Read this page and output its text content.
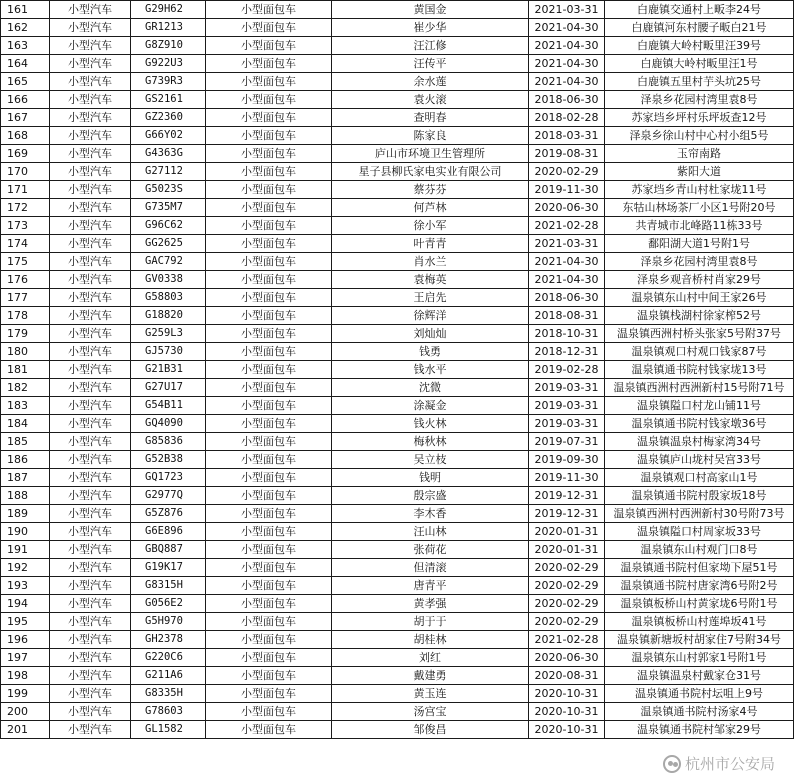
161	小型汽车	G29H62	小型面包车	黄国金	2021-03-31	白鹿镇交通村上畈李24号
162	小型汽车	GR1213	小型面包车	崔少华	2021-04-30	白鹿镇河东村腰子畈白21号
163	小型汽车	G8Z910	小型面包车	汪江修	2021-04-30	白鹿镇大岭村畈里汪39号
164	小型汽车	G922U3	小型面包车	汪传平	2021-04-30	白鹿镇大岭村畈里汪1号
165	小型汽车	G739R3	小型面包车	余水莲	2021-04-30	白鹿镇五里村芋头坑25号
166	小型汽车	GS2161	小型面包车	袁火滚	2018-06-30	泽泉乡花园村湾里袁8号
167	小型汽车	GZ2360	小型面包车	查明春	2018-02-28	苏家垱乡坪村乐坪坂查12号
168	小型汽车	G66Y02	小型面包车	陈家良	2018-03-31	泽泉乡徐山村中心村小组5号
169	小型汽车	G4363G	小型面包车	庐山市环境卫生管理所	2019-08-31	玉帘南路
170	小型汽车	G27112	小型面包车	星子县柳氏家电实业有限公司	2020-02-29	紫阳大道
171	小型汽车	G5023S	小型面包车	蔡芬芬	2019-11-30	苏家垱乡青山村杜家垅11号
172	小型汽车	G735M7	小型面包车	何芦林	2020-06-30	东牯山林场茶厂小区1号附20号
173	小型汽车	G96C62	小型面包车	徐小军	2021-02-28	共青城市北峰路11栋33号
174	小型汽车	GG2625	小型面包车	叶青青	2021-03-31	鄱阳湖大道1号附1号
175	小型汽车	GAC792	小型面包车	肖水兰	2021-04-30	泽泉乡花园村湾里袁8号
176	小型汽车	GV0338	小型面包车	袁梅英	2021-04-30	泽泉乡观音桥村肖家29号
177	小型汽车	G58803	小型面包车	王启先	2018-06-30	温泉镇东山村中间王家26号
178	小型汽车	G18820	小型面包车	徐辉洋	2018-08-31	温泉镇栈湖村徐家榨52号
179	小型汽车	G259L3	小型面包车	刘灿灿	2018-10-31	温泉镇西洲村桥头张家5号附37号
180	小型汽车	GJ5730	小型面包车	钱勇	2018-12-31	温泉镇观口村观口钱家87号
181	小型汽车	G21B31	小型面包车	钱水平	2019-02-28	温泉镇通书院村钱家垅13号
182	小型汽车	G27U17	小型面包车	沈微	2019-03-31	温泉镇西洲村西洲新村15号附71号
183	小型汽车	G54B11	小型面包车	涂凝金	2019-03-31	温泉镇隘口村龙山铺11号
184	小型汽车	GQ4090	小型面包车	钱火林	2019-03-31	温泉镇通书院村钱家墩36号
185	小型汽车	G85836	小型面包车	梅秋林	2019-07-31	温泉镇温泉村梅家湾34号
186	小型汽车	G52B38	小型面包车	吴立枝	2019-09-30	温泉镇庐山垅村吴宫33号
187	小型汽车	GQ1723	小型面包车	钱明	2019-11-30	温泉镇观口村高家山1号
188	小型汽车	G2977Q	小型面包车	殷宗盛	2019-12-31	温泉镇通书院村殷家坂18号
189	小型汽车	G5Z876	小型面包车	李木香	2019-12-31	温泉镇西洲村西洲新村30号附73号
190	小型汽车	G6E896	小型面包车	汪山林	2020-01-31	温泉镇隘口村周家坂33号
191	小型汽车	GBQ887	小型面包车	张荷花	2020-01-31	温泉镇东山村观门口8号
192	小型汽车	G19K17	小型面包车	但清滚	2020-02-29	温泉镇通书院村但家坳下屋51号
193	小型汽车	G8315H	小型面包车	唐青平	2020-02-29	温泉镇通书院村唐家湾6号附2号
194	小型汽车	G056E2	小型面包车	黄孝强	2020-02-29	温泉镇板桥山村黄家垅6号附1号
195	小型汽车	G5H970	小型面包车	胡于于	2020-02-29	温泉镇板桥山村莲埠坂41号
196	小型汽车	GH2378	小型面包车	胡桂林	2021-02-28	温泉镇新塘坂村胡家住7号附34号
197	小型汽车	G220C6	小型面包车	刘红	2020-06-30	温泉镇东山村郭家1号附1号
198	小型汽车	G211A6	小型面包车	戴建勇	2020-08-31	温泉镇温泉村戴家仓31号
199	小型汽车	G8335H	小型面包车	黄玉连	2020-10-31	温泉镇通书院村坛咀上9号
200	小型汽车	G78603	小型面包车	汤宫宝	2020-10-31	温泉镇通书院村汤家4号
201	小型汽车	GL1582	小型面包车	邹俊昌	2020-10-31	温泉镇通书院村邹家29号
杭州市公安局
